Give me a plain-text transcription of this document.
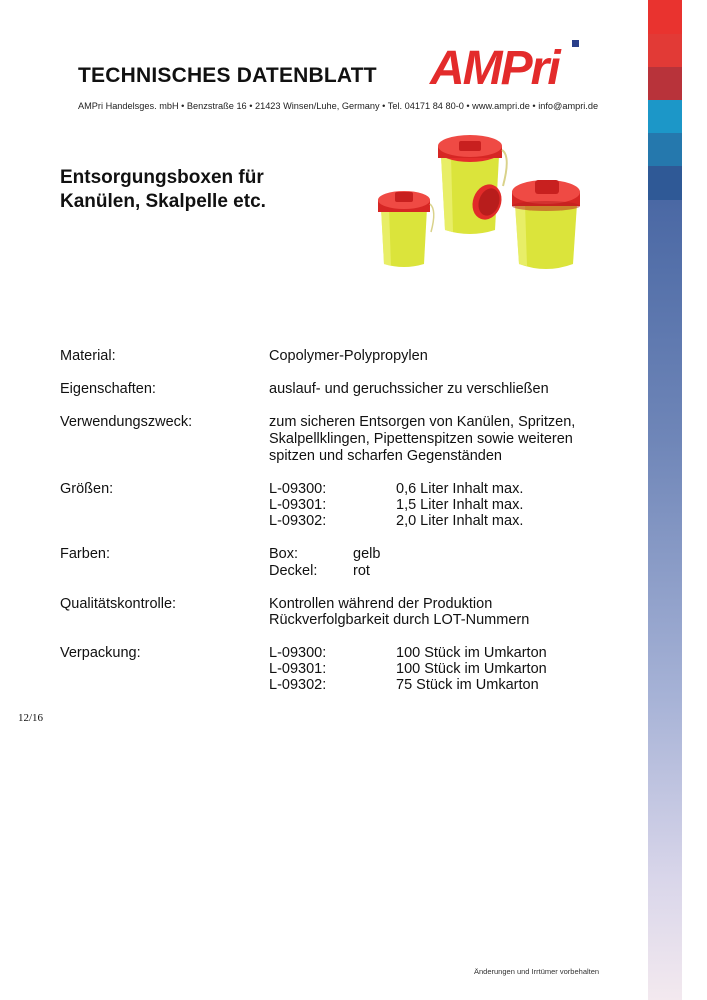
TECHNISCHES DATENBLATT
AMPri Handelsges. mbH • Benzstraße 16 • 21423 Winsen/Luhe, Germany • Tel. 04171 84 80-0 • www.ampri.de • info@ampri.de
AMPri
Entsorgungsboxen für
Kanülen, Skalpelle etc.
Material:	Copolymer-Polypropylen
Eigenschaften:	auslauf- und geruchssicher zu verschließen
Verwendungszweck:	zum sicheren Entsorgen von Kanülen, Spritzen,
Skalpellklingen, Pipettenspitzen sowie weiteren
spitzen und scharfen Gegenständen
Größen:	L-09300:	0,6 Liter Inhalt max.
L-09301:	1,5 Liter Inhalt max.
L-09302:	2,0 Liter Inhalt max.
Farben:	Box:	gelb
Deckel: rot
Qualitätskontrolle:	Kontrollen während der Produktion
Rückverfolgbarkeit durch LOT-Nummern
Verpackung:	L-09300:	100 Stück im Umkarton
L-09301:	100 Stück im Umkarton
L-09302:	75 Stück im Umkarton
12/16
Änderungen und Irrtümer vorbehalten
